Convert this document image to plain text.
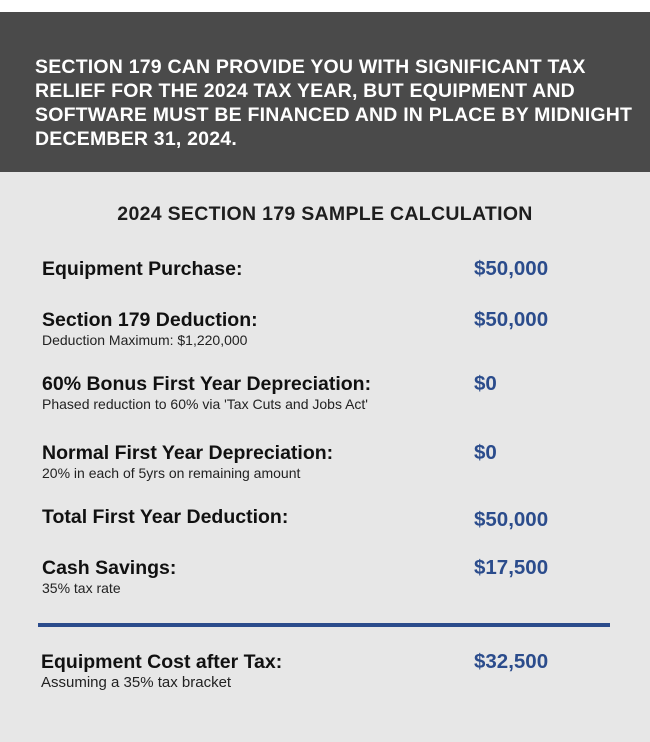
SECTION 179 CAN PROVIDE YOU WITH SIGNIFICANT TAX RELIEF FOR THE 2024 TAX YEAR, BUT EQUIPMENT AND SOFTWARE MUST BE FINANCED AND IN PLACE BY MIDNIGHT DECEMBER 31, 2024.

2024 SECTION 179 SAMPLE CALCULATION

Equipment Purchase:	$50,000
Section 179 Deduction:
Deduction Maximum: $1,220,000
$50,000
60% Bonus First Year Depreciation:
Phased reduction to 60% via 'Tax Cuts and Jobs Act'
$0
Normal First Year Depreciation:
20% in each of 5yrs on remaining amount
$0
Total First Year Deduction:	$50,000
Cash Savings:
35% tax rate
$17,500
Equipment Cost after Tax:
Assuming a 35% tax bracket
$32,500
